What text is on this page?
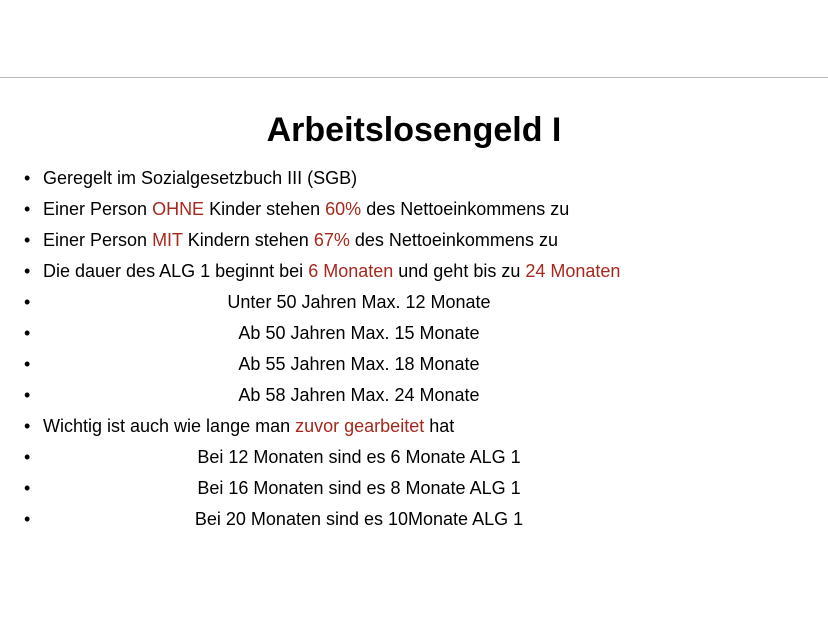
Arbeitslosengeld I
• Geregelt im Sozialgesetzbuch III (SGB)
• Einer Person OHNE Kinder stehen 60% des Nettoeinkommens zu
• Einer Person MIT Kindern stehen 67% des Nettoeinkommens zu
• Die dauer des ALG 1 beginnt bei 6 Monaten und geht bis zu 24 Monaten
•	Unter 50 Jahren Max. 12 Monate
•	Ab 50 Jahren Max. 15 Monate
•	Ab 55 Jahren Max. 18 Monate
•	Ab 58 Jahren Max. 24 Monate
• Wichtig ist auch wie lange man zuvor gearbeitet hat
•	Bei 12 Monaten sind es 6 Monate ALG 1
•	Bei 16 Monaten sind es 8 Monate ALG 1
•	Bei 20 Monaten sind es 10Monate ALG 1
